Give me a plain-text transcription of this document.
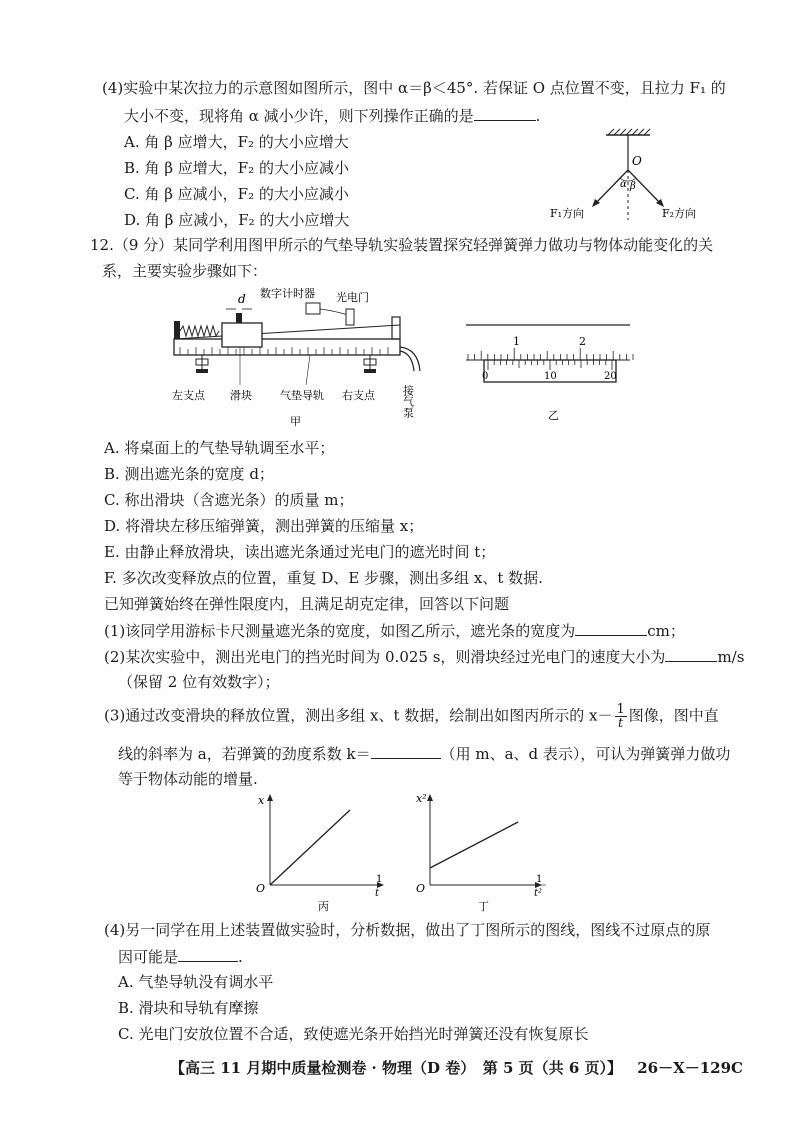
(4)实验中某次拉力的示意图如图所示，图中 α＝β＜45°. 若保证 O 点位置不变，且拉力 F₁ 的
大小不变，现将角 α 减小少许，则下列操作正确的是	.
A. 角 β 应增大，F₂ 的大小应增大
B. 角 β 应增大，F₂ 的大小应减小
C. 角 β 应减小，F₂ 的大小应减小
D. 角 β 应减小，F₂ 的大小应增大
O
α β
F₁方向	F₂方向
12.（9 分）某同学利用图甲所示的气垫导轨实验装置探究轻弹簧弹力做功与物体动能变化的关
系，主要实验步骤如下：
d 数字计时器 光电门
左支点 滑块	气垫导轨 右支点 接气泵
甲
1	2
0	10	20
乙
A. 将桌面上的气垫导轨调至水平；
B. 测出遮光条的宽度 d；
C. 称出滑块（含遮光条）的质量 m；
D. 将滑块左移压缩弹簧，测出弹簧的压缩量 x；
E. 由静止释放滑块，读出遮光条通过光电门的遮光时间 t；
F. 多次改变释放点的位置，重复 D、E 步骤，测出多组 x、t 数据.
已知弹簧始终在弹性限度内，且满足胡克定律，回答以下问题
(1)该同学用游标卡尺测量遮光条的宽度，如图乙所示，遮光条的宽度为	cm；
(2)某次实验中，测出光电门的挡光时间为 0.025 s，则滑块经过光电门的速度大小为	m/s
（保留 2 位有效数字）；
(3)通过改变滑块的释放位置，测出多组 x、t 数据，绘制出如图丙所示的 $x- \frac{1}{t}$ 图像，图中直
线的斜率为 a，若弹簧的劲度系数 k＝	（用 m、a、d 表示），可认为弹簧弹力做功
等于物体动能的增量.
x
O
1
t
丙
x²
O
1
t²
丁
(4)另一同学在用上述装置做实验时，分析数据，做出了丁图所示的图线，图线不过原点的原
因可能是	.
A. 气垫导轨没有调水平
B. 滑块和导轨有摩擦
C. 光电门安放位置不合适，致使遮光条开始挡光时弹簧还没有恢复原长
【高三 11 月期中质量检测卷 · 物理（D 卷）　第 5 页（共 6 页）】 26－X－129C
